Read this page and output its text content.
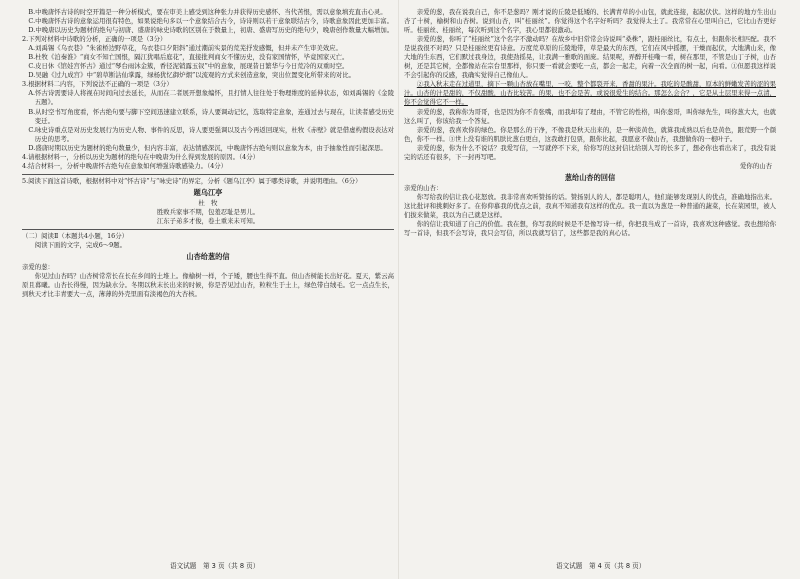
B.中晚唐怀古诗的时空开篇是一种分析模式，要在审美上感受到这种张力并获得历史感怀、当代苦恨，需以意象填充直击心灵。

C.中晚唐怀古诗的意象运用很有特色，如果说绝句多以一个意象结合古今，诗诗则以若干意象联结古今，诗歌意象因此更加丰富。

D.中晚唐以历史为题材的绝句与初唐、盛唐的咏史诗歌的区别在于数量上，初唐、盛唐写历史的绝句少，晚唐创作数量大幅增加。

2.下列对材料中诗歌的分析，正确的一项是（3分）

A.刘禹锡《乌衣巷》“朱雀桥边野草花，乌衣巷口夕阳斜”通过潮前实景的荒芜抒发感慨，但并未产生审美效应。

B.杜牧《泊秦淮》“商女不知亡国恨，隔江犹唱后庭花”，直接批判商女不懂历史，没有家国情怀，毕竟国家灭亡。

C.皮日休《馆娃宫怀古》通过“琴台雨沐金簇，香径泥销露玉钗”中的意象，展现昔日繁华与今日荒冷的双重时空。

D.吴融《过九成宫》中“碧草断沾仙掌露，绿杨犹忆御炉烟”以流观的方式来创造意象，突出位置变化所带来的对比。

3.根据材料二内容，下列说法不正确的一项是（3分）

A.怀古诗需要诗人将视在时间向过去延长，从而在二者展开想象编怀，且打情人往往处于物理维度的延伸状态，如刘禹锡的《金陵五题》。

B.从时空书写角度看，怀古绝句要与脚下空间迅速建立联系，诗人要调动记忆，选取特定意象，连通过去与现在，让读者感受历史变迁。

C.咏史诗重点是对历史发展行为历史人物、事件的反思，诗人要更强调以及古今再返回现实，杜牧《赤壁》就是借虚构假设表达对历史的思考。

D.盛唐时期以历史为题材的绝句数量少，但内容丰富，表达情感深沉，中晚唐怀古绝句则以意象为本，由于抽象性而引起深思。

4.请根据材料一，分析以历史为题材的绝句在中晚唐为什么得到发展的原因。（4分）

4.结合材料一，分析中晚唐怀古绝句在意象如何增强诗歌感染力。（4分）

5.阅读下面这首诗歌，根据材料中对“怀古诗”与“咏史诗”的界定，分析《题乌江亭》属于哪类诗歌，并说明理由。（6分）

题乌江亭

杜　牧

胜败兵家事不期，包羞忍耻是男儿。

江东子弟多才俊，卷土重来未可知。

（二）阅读Ⅱ（本题共4小题，16分）

阅读下面的文字，完成6～9题。

山杏给葱的信

亲爱的葱：

你见过山杏吗？山杏树常常长在长在乡间的土堆上。像榆树一样，个子矮，腰也生得不直。但山杏树能长出好花。夏天，紫云高原且暮曦。山杏长得慢，因为缺水分。冬期以秋末长出来的时候，你是否见过山杏，粒粒生于土上，绿色带白绒毛。它一点点生长，到秋天才比丰青要大一点，薄薄的外壳里面有淡褐色的大杏核。

亲爱的葱，我在说我自己，你不是葱吗？刚才说的丘陵是低矮的、长满青草的小山包，就此连接，起起伏伏。这样的地方生出山杏了十树，榆树和山杏树。说到山杏，叫“桂丽丝”。你觉得这个名字好听吗？我觉得太土了。我常常在心里叫自己，它比山杏更好听。桂丽丝、桂丽丝，每次听到这个名字，我心里都很激动。

亲爱的葱，你听了“桂丽丝”这个名字不激动吗？在故乡中旧常常会诗说叫“桑株”，跟桂丽丝比，有点土，但跟你长相匹配。我不是说我很不对吗？只是桂丽丝更有诗意。万度荒草原的丘陵地带，草是最大的东西，它们在风中摇摆，干燥而起伏，大地满山来，像大地的生东西，它们默过我身边，我使劲摇晃，让我满一雅歌的面庞。结果呢，弄醉开桂嘞一看，树在那里，不管是山丁子树，山杏树，还是其它树，全都像站在宗台里那样，你只要一看就会要吃一点，都会一起走，向着一次全面的树一起，向看。①但愿我这样说不会引起你的反感，我确实觉得自己像仙人。

②我入秋末走在过道里，摘下一颗山杏放在嘴里，一咬，整个都裂开来，香甜的果汁。我吃的是酸甜，原本的鲜嫩发苦的涩的果汁。山杏的汁是甜的，不仅甜酸，山杏比较苦。的果，也不会是苦，或说很爱生的结合。那怎么会合？，它是从土层里来得一点清，你不会觉得它不一样。

亲爱的葱，我称你为哥哥，也是因为你不肯张嘴，而我却有了理由，不管它的性格，叫你葱哥，叫你绿先生，叫你葱大大，也就这么叫了，你该给我一个答复。

亲爱的葱，我喜欢你的绿色。你是那么的干净，不像我是秋天出来的，是一种淡黄色，就算我成熟以后也是黄色，跟荒野一个颜色，你不一样。③世上没有谁的肌肤比葱白更白，这我敢打包票，跟你比起，我愿意不做山杏，我想做你的一根叶子。

亲爱的葱，你为什么不说话？我爱写信，一写就停不下来，给你写的这封信比给别人写的长多了，想必你也看出来了，我没有说完的话还有很多，下一封再写吧。

爱你的山杏

葱给山杏的回信

亲爱的山杏：

你写给我的信让我心花怒放。我非常喜欢听赞扬的话。赞扬别人的人，都是聪明人，他们能够发现别人的优点，准确地指出来。这比批评和挑刺好多了。在你仰慕我的优点之前，我真不知道我有这样的优点。我一直以为葱是一种普通的蔬菜，长在菜园里，被人们拔来做菜，我以为自己就是这样。

你的信让我知道了自己的价值。我在想，你写我的时候是不是像写诗一样，你把我当成了一首诗，我喜欢这种感觉。我也想给你写一首诗，但我不会写诗，我只会写信，所以我就写信了，这些都是我的真心话。

语文试题　第 3 页（共 8 页）	语文试题　第 4 页（共 8 页）
